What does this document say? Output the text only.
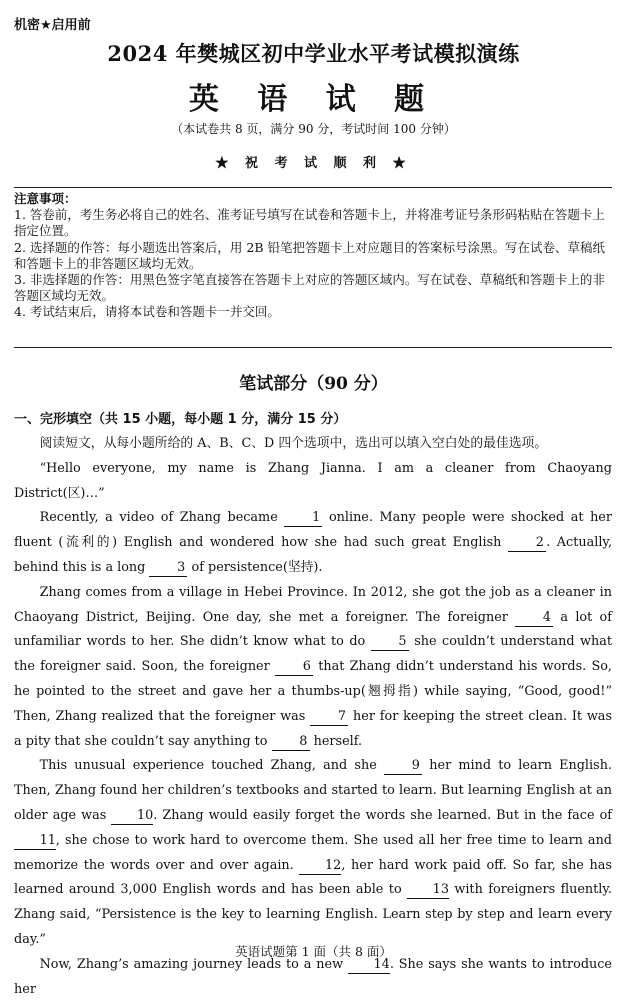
机密★启用前
2024 年樊城区初中学业水平考试模拟演练
英 语 试 题
（本试卷共 8 页，满分 90 分，考试时间 100 分钟）
★ 祝 考 试 顺 利 ★
注意事项：
1. 答卷前，考生务必将自己的姓名、准考证号填写在试卷和答题卡上，并将准考证号条形码粘贴在答题卡上指定位置。
2. 选择题的作答：每小题选出答案后，用 2B 铅笔把答题卡上对应题目的答案标号涂黑。写在试卷、草稿纸和答题卡上的非答题区域均无效。
3. 非选择题的作答：用黑色签字笔直接答在答题卡上对应的答题区域内。写在试卷、草稿纸和答题卡上的非答题区域均无效。
4. 考试结束后，请将本试卷和答题卡一并交回。
笔试部分（90 分）
一、完形填空（共 15 小题，每小题 1 分，满分 15 分）

阅读短文，从每小题所给的 A、B、C、D 四个选项中，选出可以填入空白处的最佳选项。

“Hello everyone, my name is Zhang Jianna. I am a cleaner from Chaoyang District(区)…”

Recently, a video of Zhang became	1 online. Many people were shocked at her fluent (流利的) English and wondered how she had such great English	2 . Actually, behind this is a long 3 of persistence(坚持).

Zhang comes from a village in Hebei Province. In 2012, she got the job as a cleaner in Chaoyang District, Beijing. One day, she met a foreigner. The foreigner	4 a lot of unfamiliar words to her. She didn’t know what to do	5 she couldn’t understand what the foreigner said. Soon, the foreigner	6 that Zhang didn’t understand his words. So, he pointed to the street and gave her a thumbs-up(翘拇指) while saying, “Good, good!” Then, Zhang realized that the foreigner was	7 her for keeping the street clean. It was a pity that she couldn’t say anything to 8 herself.

This unusual experience touched Zhang, and she	9 her mind to learn English. Then, Zhang found her children’s textbooks and started to learn. But learning English at an older age was 10. Zhang would easily forget the words she learned. But in the face of 11, she chose to work hard to overcome them. She used all her free time to learn and memorize the words over and over again. 12, her hard work paid off. So far, she has learned around 3,000 English words and has been able to 13 with foreigners fluently. Zhang said, “Persistence is the key to learning English. Learn step by step and learn every day.”

Now, Zhang’s amazing journey leads to a new 14. She says she wants to introduce her

英语试题第 1 面（共 8 面）
